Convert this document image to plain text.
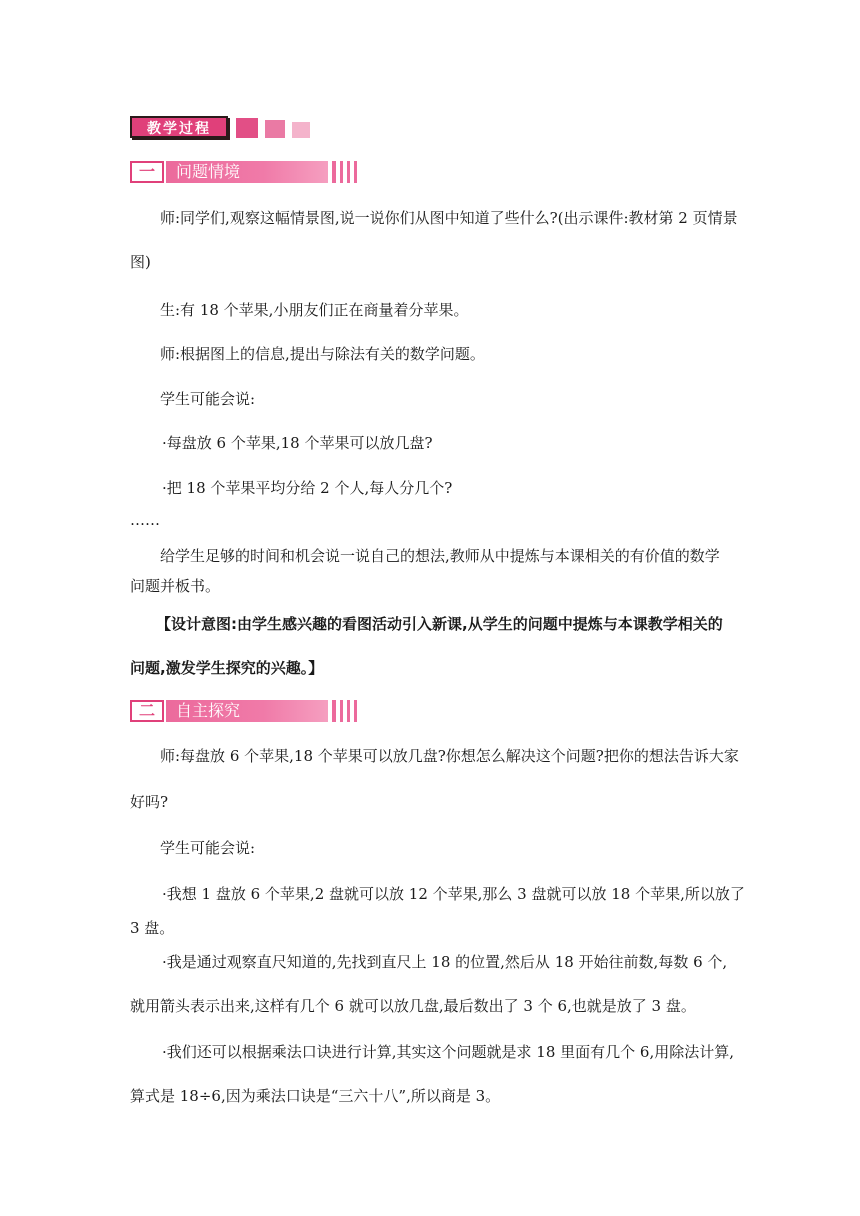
教学过程
一	问题情境
师:同学们,观察这幅情景图,说一说你们从图中知道了些什么?(出示课件:教材第 2 页情景
图)
生:有 18 个苹果,小朋友们正在商量着分苹果。
师:根据图上的信息,提出与除法有关的数学问题。
学生可能会说:
·每盘放 6 个苹果,18 个苹果可以放几盘?
·把 18 个苹果平均分给 2 个人,每人分几个?
……
给学生足够的时间和机会说一说自己的想法,教师从中提炼与本课相关的有价值的数学
问题并板书。
【设计意图:由学生感兴趣的看图活动引入新课,从学生的问题中提炼与本课教学相关的
问题,激发学生探究的兴趣。】
二	自主探究
师:每盘放 6 个苹果,18 个苹果可以放几盘?你想怎么解决这个问题?把你的想法告诉大家
好吗?
学生可能会说:
·我想 1 盘放 6 个苹果,2 盘就可以放 12 个苹果,那么 3 盘就可以放 18 个苹果,所以放了
3 盘。
·我是通过观察直尺知道的,先找到直尺上 18 的位置,然后从 18 开始往前数,每数 6 个,
就用箭头表示出来,这样有几个 6 就可以放几盘,最后数出了 3 个 6,也就是放了 3 盘。
·我们还可以根据乘法口诀进行计算,其实这个问题就是求 18 里面有几个 6,用除法计算,
算式是 18÷6,因为乘法口诀是“三六十八”,所以商是 3。
